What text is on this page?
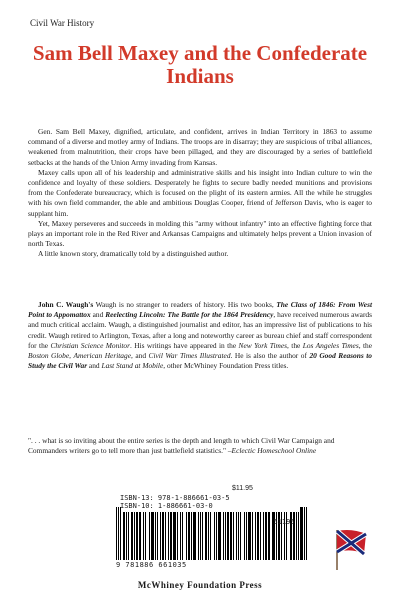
Civil War History
Sam Bell Maxey and the Confederate Indians

Gen. Sam Bell Maxey, dignified, articulate, and confident, arrives in Indian Territory in 1863 to assume command of a diverse and motley army of Indians. The troops are in disarray; they are suspicious of tribal alliances, weakened from malnutrition, their crops have been pillaged, and they are discouraged by a series of battlefield setbacks at the hands of the Union Army invading from Kansas.

Maxey calls upon all of his leadership and administrative skills and his insight into Indian culture to win the confidence and loyalty of these soldiers. Desperately he fights to secure badly needed munitions and provisions from the Confederate bureaucracy, which is focused on the plight of its eastern armies. All the while he struggles with his own field commander, the able and ambitious Douglas Cooper, friend of Jefferson Davis, who is eager to supplant him.

Yet, Maxey perseveres and succeeds in molding this "army without infantry" into an effective fighting force that plays an important role in the Red River and Arkansas Campaigns and ultimately helps prevent a Union invasion of north Texas.

A little known story, dramatically told by a distinguished author.

John C. Waugh's Waugh is no stranger to readers of history. His two books, The Class of 1846: From West Point to Appomattox and Reelecting Lincoln: The Battle for the 1864 Presidency, have received numerous awards and much critical acclaim. Waugh, a distinguished journalist and editor, has an impressive list of publications to his credit. Waugh retired to Arlington, Texas, after a long and noteworthy career as bureau chief and staff correspondent for the Christian Science Monitor. His writings have appeared in the New York Times, the Los Angeles Times, the Boston Globe, American Heritage, and Civil War Times Illustrated. He is also the author of 20 Good Reasons to Study the Civil War and Last Stand at Mobile, other McWhiney Foundation Press titles.

". . . what is so inviting about the entire series is the depth and length to which Civil War Campaign and Commanders writers go to tell more than just battlefield statistics." –Eclectic Homeschool Online
$11.95
ISBN-13: 978-1-886661-03-5
ISBN-10: 1-886661-03-0
51195
9 781886 661035
McWhiney Foundation Press
